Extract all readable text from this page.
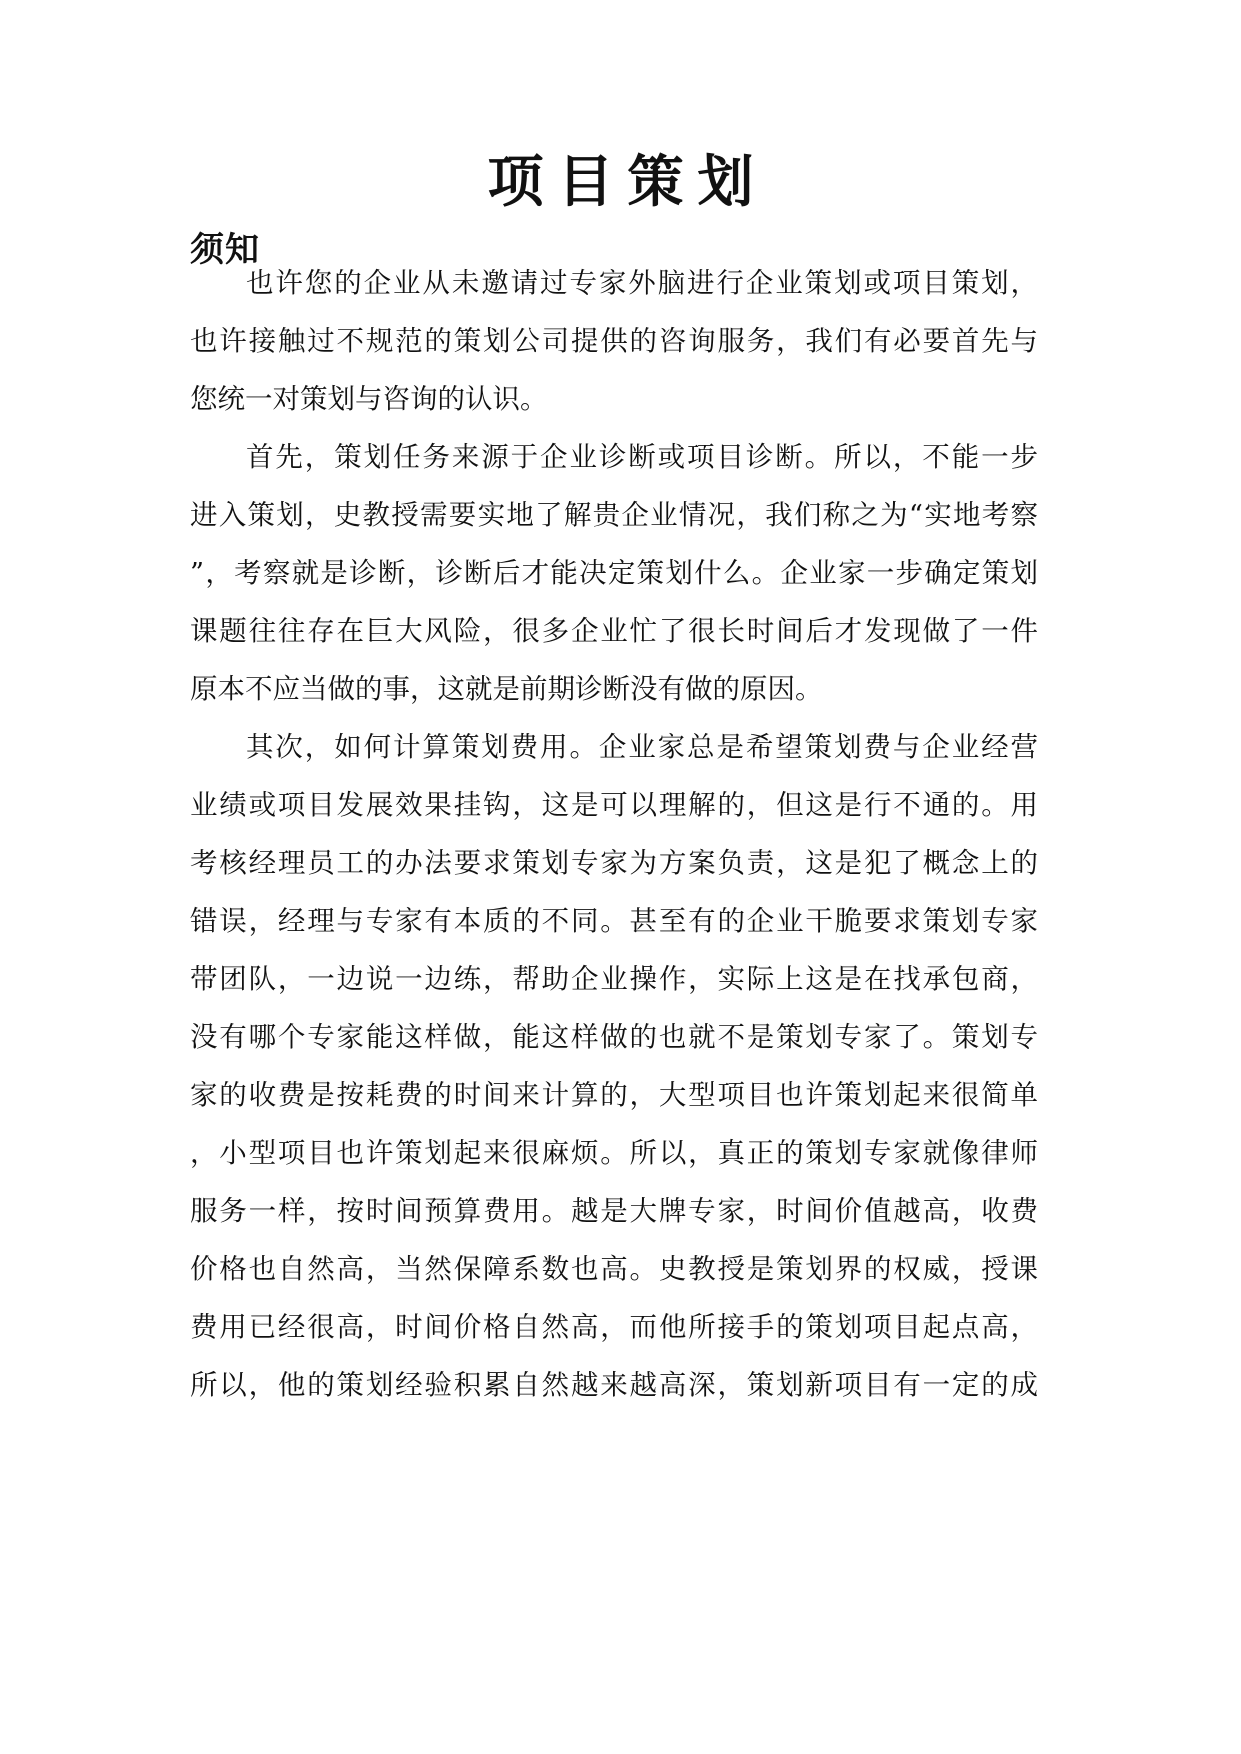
项目策划
须知
也许您的企业从未邀请过专家外脑进行企业策划或项目策划，
也许接触过不规范的策划公司提供的咨询服务，我们有必要首先与
您统一对策划与咨询的认识。
首先，策划任务来源于企业诊断或项目诊断。所以，不能一步
进入策划，史教授需要实地了解贵企业情况，我们称之为“实地考察
”，考察就是诊断，诊断后才能决定策划什么。企业家一步确定策划
课题往往存在巨大风险，很多企业忙了很长时间后才发现做了一件
原本不应当做的事，这就是前期诊断没有做的原因。
其次，如何计算策划费用。企业家总是希望策划费与企业经营
业绩或项目发展效果挂钩，这是可以理解的，但这是行不通的。用
考核经理员工的办法要求策划专家为方案负责，这是犯了概念上的
错误，经理与专家有本质的不同。甚至有的企业干脆要求策划专家
带团队，一边说一边练，帮助企业操作，实际上这是在找承包商，
没有哪个专家能这样做，能这样做的也就不是策划专家了。策划专
家的收费是按耗费的时间来计算的，大型项目也许策划起来很简单
，小型项目也许策划起来很麻烦。所以，真正的策划专家就像律师
服务一样，按时间预算费用。越是大牌专家，时间价值越高，收费
价格也自然高，当然保障系数也高。史教授是策划界的权威，授课
费用已经很高，时间价格自然高，而他所接手的策划项目起点高，
所以，他的策划经验积累自然越来越高深，策划新项目有一定的成
